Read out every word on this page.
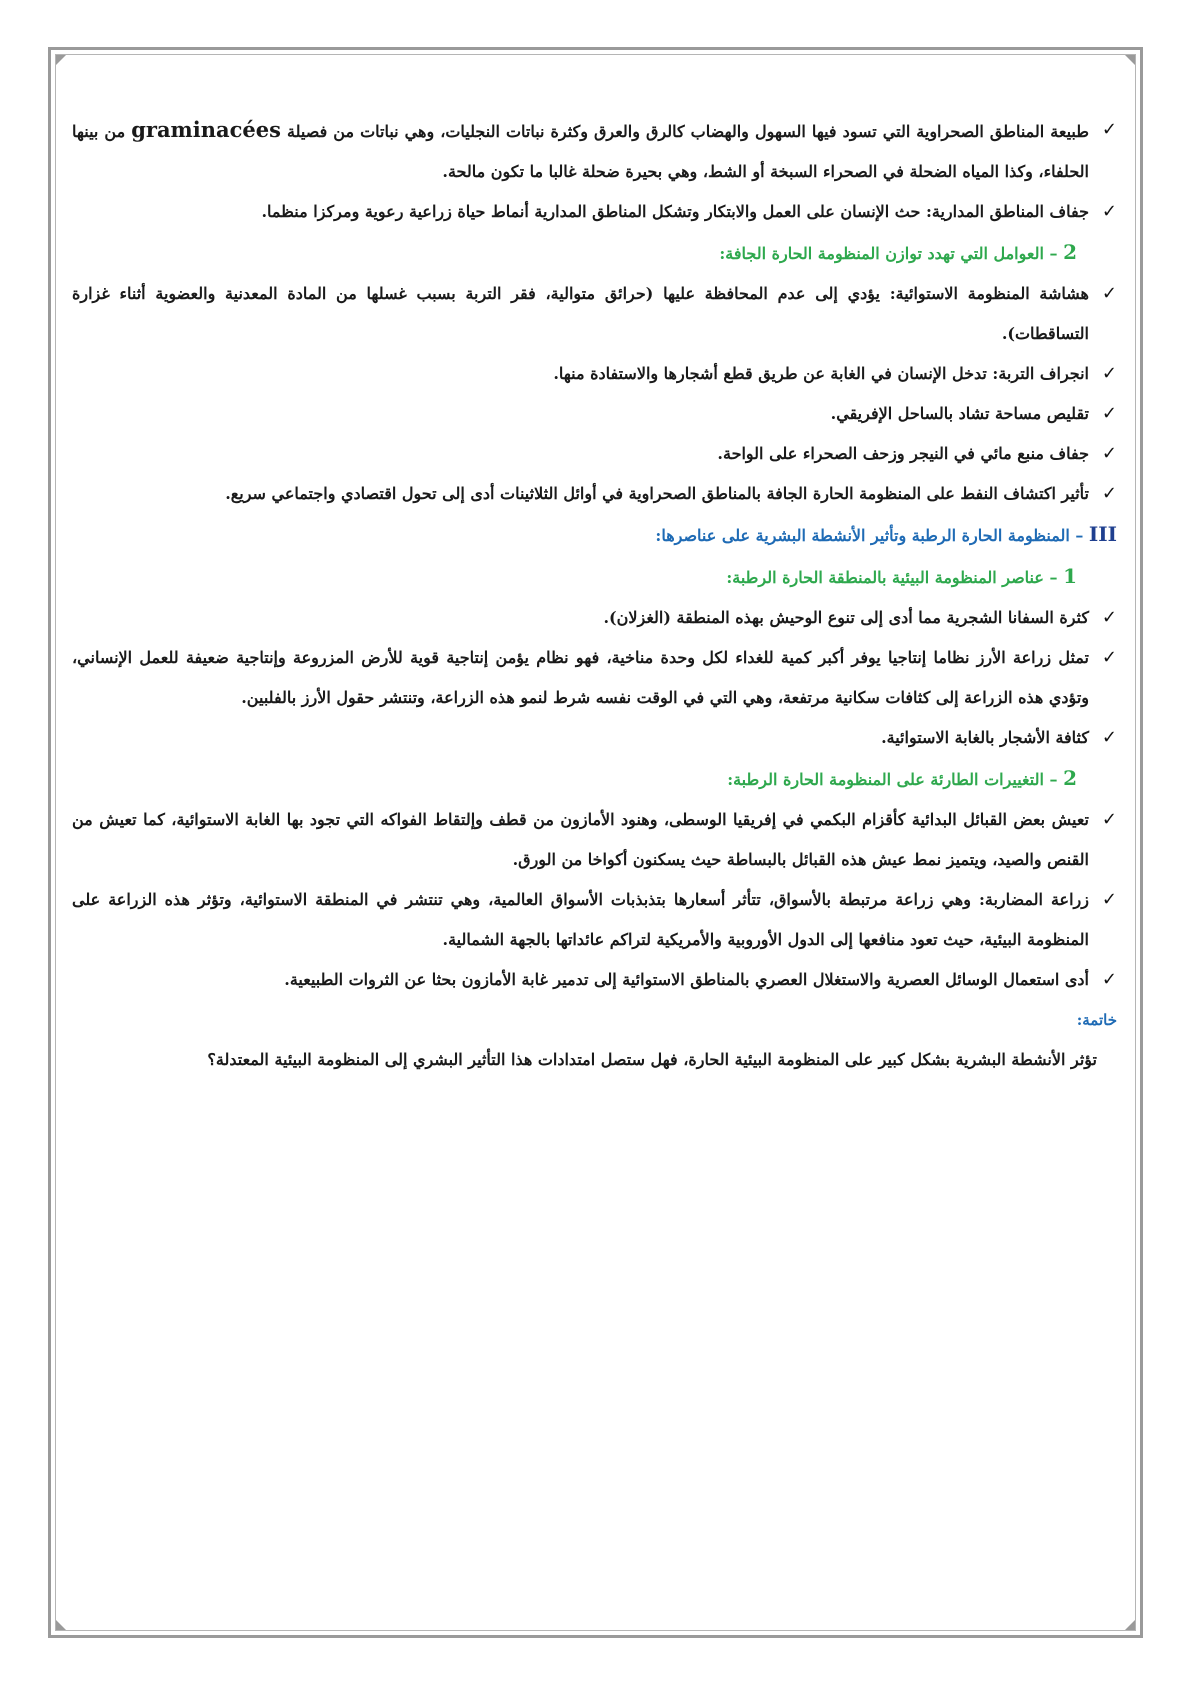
✓
طبيعة المناطق الصحراوية التي تسود فيها السهول والهضاب كالرق والعرق وكثرة نباتات النجليات، وهي نباتات من فصيلة graminacées من بينها الحلفاء، وكذا المياه الضحلة في الصحراء السبخة أو الشط، وهي بحيرة ضحلة غالبا ما تكون مالحة.

✓
جفاف المناطق المدارية: حث الإنسان على العمل والابتكار وتشكل المناطق المدارية أنماط حياة زراعية رعوية ومركزا منظما.

2 – العوامل التي تهدد توازن المنظومة الحارة الجافة:

✓
هشاشة المنظومة الاستوائية: يؤدي إلى عدم المحافظة عليها (حرائق متوالية، فقر التربة بسبب غسلها من المادة المعدنية والعضوية أثناء غزارة التساقطات).

✓
انجراف التربة: تدخل الإنسان في الغابة عن طريق قطع أشجارها والاستفادة منها.

✓
تقليص مساحة تشاد بالساحل الإفريقي.

✓
جفاف منبع مائي في النيجر وزحف الصحراء على الواحة.

✓
تأثير اكتشاف النفط على المنظومة الحارة الجافة بالمناطق الصحراوية في أوائل الثلاثينات أدى إلى تحول اقتصادي واجتماعي سريع.

III – المنظومة الحارة الرطبة وتأثير الأنشطة البشرية على عناصرها:

1 – عناصر المنظومة البيئية بالمنطقة الحارة الرطبة:

✓
كثرة السفانا الشجرية مما أدى إلى تنوع الوحيش بهذه المنطقة (الغزلان).

✓
تمثل زراعة الأرز نظاما إنتاجيا يوفر أكبر كمية للغداء لكل وحدة مناخية، فهو نظام يؤمن إنتاجية قوية للأرض المزروعة وإنتاجية ضعيفة للعمل الإنساني، وتؤدي هذه الزراعة إلى كثافات سكانية مرتفعة، وهي التي في الوقت نفسه شرط لنمو هذه الزراعة، وتنتشر حقول الأرز بالفلبين.

✓
كثافة الأشجار بالغابة الاستوائية.

2 – التغييرات الطارئة على المنظومة الحارة الرطبة:

✓
تعيش بعض القبائل البدائية كأقزام البكمي في إفريقيا الوسطى، وهنود الأمازون من قطف وإلتقاط الفواكه التي تجود بها الغابة الاستوائية، كما تعيش من القنص والصيد، ويتميز نمط عيش هذه القبائل بالبساطة حيث يسكنون أكواخا من الورق.

✓
زراعة المضاربة: وهي زراعة مرتبطة بالأسواق، تتأثر أسعارها بتذبذبات الأسواق العالمية، وهي تنتشر في المنطقة الاستوائية، وتؤثر هذه الزراعة على المنظومة البيئية، حيث تعود منافعها إلى الدول الأوروبية والأمريكية لتراكم عائداتها بالجهة الشمالية.

✓
أدى استعمال الوسائل العصرية والاستغلال العصري بالمناطق الاستوائية إلى تدمير غابة الأمازون بحثا عن الثروات الطبيعية.

خاتمة:

تؤثر الأنشطة البشرية بشكل كبير على المنظومة البيئية الحارة، فهل ستصل امتدادات هذا التأثير البشري إلى المنظومة البيئية المعتدلة؟
